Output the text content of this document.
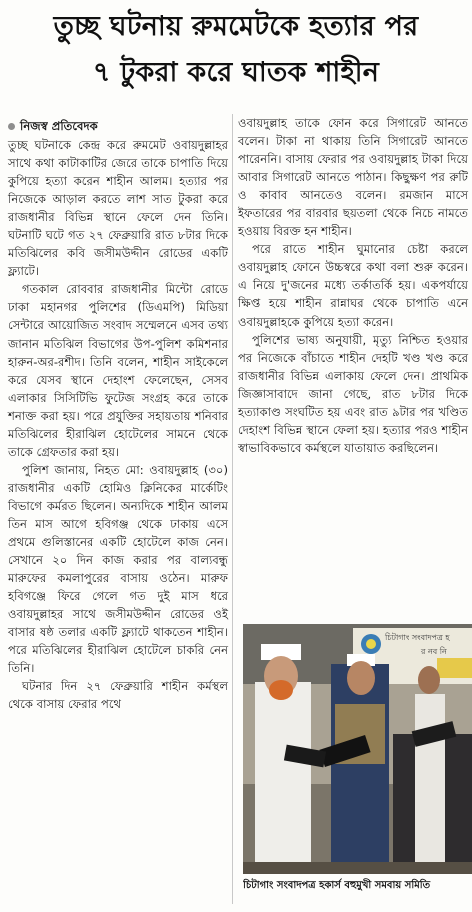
তুচ্ছ ঘটনায় রুমমেটকে হত্যার পর
৭ টুকরা করে ঘাতক শাহীন
নিজস্ব প্রতিবেদক

তুচ্ছ ঘটনাকে কেন্দ্র করে রুমমেট ওবায়দুল্লাহর সাথে কথা কাটাকাটির জেরে তাকে চাপাতি দিয়ে কুপিয়ে হত্যা করেন শাহীন আলম। হত্যার পর নিজেকে আড়াল করতে লাশ সাত টুকরা করে রাজধানীর বিভিন্ন স্থানে ফেলে দেন তিনি। ঘটনাটি ঘটে গত ২৭ ফেব্রুয়ারি রাত ৮টার দিকে মতিঝিলের কবি জসীমউদ্দীন রোডের একটি ফ্ল্যাটে।

গতকাল রোববার রাজধানীর মিন্টো রোডে ঢাকা মহানগর পুলিশের (ডিএমপি) মিডিয়া সেন্টারে আয়োজিত সংবাদ সম্মেলনে এসব তথ্য জানান মতিঝিল বিভাগের উপ-পুলিশ কমিশনার হারুন-অর-রশীদ। তিনি বলেন, শাহীন সাইকেলে করে যেসব স্থানে দেহাংশ ফেলেছেন, সেসব এলাকার সিসিটিভি ফুটেজ সংগ্রহ করে তাকে শনাক্ত করা হয়। পরে প্রযুক্তির সহায়তায় শনিবার মতিঝিলের হীরাঝিল হোটেলের সামনে থেকে তাকে গ্রেফতার করা হয়।

পুলিশ জানায়, নিহত মো: ওবায়দুল্লাহ (৩০) রাজধানীর একটি হোমিও ক্লিনিকের মার্কেটিং বিভাগে কর্মরত ছিলেন। অন্যদিকে শাহীন আলম তিন মাস আগে হবিগঞ্জ থেকে ঢাকায় এসে প্রথমে গুলিস্তানের একটি হোটেলে কাজ নেন। সেখানে ২০ দিন কাজ করার পর বাল্যবন্ধু মারুফের কমলাপুরের বাসায় ওঠেন। মারুফ হবিগঞ্জে ফিরে গেলে গত দুই মাস ধরে ওবায়দুল্লাহর সাথে জসীমউদ্দীন রোডের ওই বাসার ষষ্ঠ তলার একটি ফ্ল্যাটে থাকতেন শাহীন। পরে মতিঝিলের হীরাঝিল হোটেলে চাকরি নেন তিনি।

ঘটনার দিন ২৭ ফেব্রুয়ারি শাহীন কর্মস্থল থেকে বাসায় ফেরার পথে

ওবায়দুল্লাহ তাকে ফোন করে সিগারেট আনতে বলেন। টাকা না থাকায় তিনি সিগারেট আনতে পারেননি। বাসায় ফেরার পর ওবায়দুল্লাহ টাকা দিয়ে আবার সিগারেট আনতে পাঠান। কিছুক্ষণ পর রুটি ও কাবাব আনতেও বলেন। রমজান মাসে ইফতারের পর বারবার ছয়তলা থেকে নিচে নামতে হওয়ায় বিরক্ত হন শাহীন।

পরে রাতে শাহীন ঘুমানোর চেষ্টা করলে ওবায়দুল্লাহ ফোনে উচ্চস্বরে কথা বলা শুরু করেন। এ নিয়ে দু'জনের মধ্যে তর্কাতর্কি হয়। একপর্যায়ে ক্ষিপ্ত হয়ে শাহীন রান্নাঘর থেকে চাপাতি এনে ওবায়দুল্লাহকে কুপিয়ে হত্যা করেন।

পুলিশের ভাষ্য অনুযায়ী, মৃত্যু নিশ্চিত হওয়ার পর নিজেকে বাঁচাতে শাহীন দেহটি খণ্ড খণ্ড করে রাজধানীর বিভিন্ন এলাকায় ফেলে দেন। প্রাথমিক জিজ্ঞাসাবাদে জানা গেছে, রাত ৮টার দিকে হত্যাকাণ্ড সংঘটিত হয় এবং রাত ৯টার পর খণ্ডিত দেহাংশ বিভিন্ন স্থানে ফেলা হয়। হত্যার পরও শাহীন স্বাভাবিকভাবে কর্মস্থলে যাতায়াত করছিলেন।

চিটাগাং সংবাদপত্র হ
র নব নি
চিটাগাং সংবাদপত্র হকার্স বহুমুখী সমবায় সমিতি
